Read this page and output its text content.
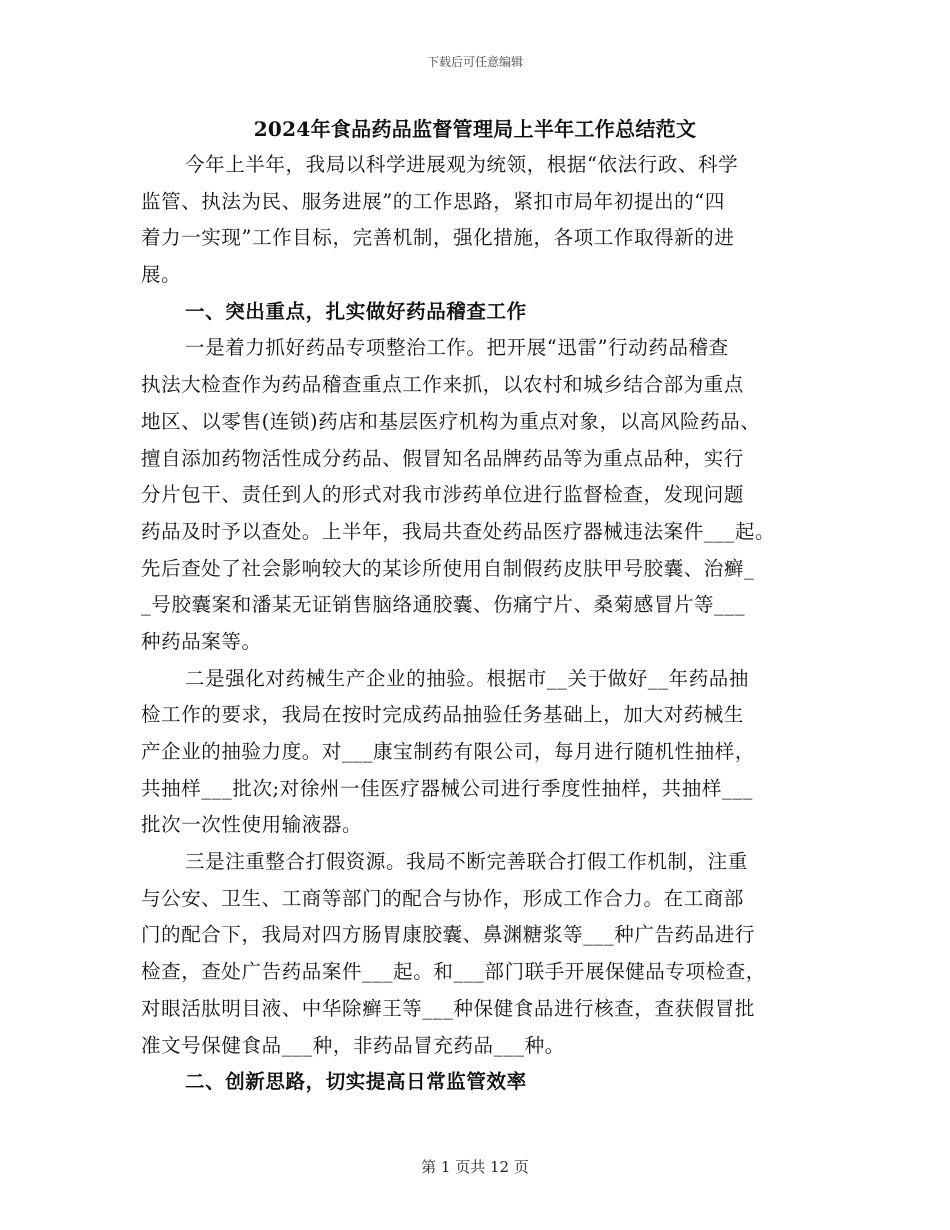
下载后可任意编辑
2024年食品药品监督管理局上半年工作总结范文
今年上半年，我局以科学进展观为统领，根据“依法行政、科学
监管、执法为民、服务进展”的工作思路，紧扣市局年初提出的“四
着力一实现”工作目标，完善机制，强化措施，各项工作取得新的进
展。
一、突出重点，扎实做好药品稽查工作
一是着力抓好药品专项整治工作。把开展“迅雷”行动药品稽查
执法大检查作为药品稽查重点工作来抓，以农村和城乡结合部为重点
地区、以零售(连锁)药店和基层医疗机构为重点对象，以高风险药品、
擅自添加药物活性成分药品、假冒知名品牌药品等为重点品种，实行
分片包干、责任到人的形式对我市涉药单位进行监督检查，发现问题
药品及时予以查处。上半年，我局共查处药品医疗器械违法案件___起。
先后查处了社会影响较大的某诊所使用自制假药皮肤甲号胶囊、治癣_
_号胶囊案和潘某无证销售脑络通胶囊、伤痛宁片、桑菊感冒片等___
种药品案等。
二是强化对药械生产企业的抽验。根据市__关于做好__年药品抽
检工作的要求，我局在按时完成药品抽验任务基础上，加大对药械生
产企业的抽验力度。对___康宝制药有限公司，每月进行随机性抽样，
共抽样___批次;对徐州一佳医疗器械公司进行季度性抽样，共抽样___
批次一次性使用输液器。
三是注重整合打假资源。我局不断完善联合打假工作机制，注重
与公安、卫生、工商等部门的配合与协作，形成工作合力。在工商部
门的配合下，我局对四方肠胃康胶囊、鼻渊糖浆等___种广告药品进行
检查，查处广告药品案件___起。和___部门联手开展保健品专项检查，
对眼活肽明目液、中华除癣王等___种保健食品进行核查，查获假冒批
准文号保健食品___种，非药品冒充药品___种。
二、创新思路，切实提高日常监管效率
第 1 页共 12 页
